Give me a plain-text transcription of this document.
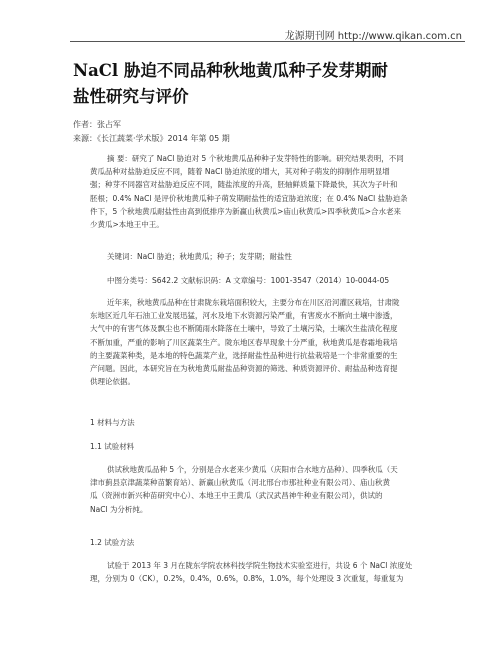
龙源期刊网 http://www.qikan.com.cn
NaCl 胁迫不同品种秋地黄瓜种子发芽期耐
盐性研究与评价
作者：张占军
来源：《长江蔬菜·学术版》2014 年第 05 期
摘 要：研究了 NaCl 胁迫对 5 个秋地黄瓜品种种子发芽特性的影响。研究结果表明，不同
黄瓜品种对盐胁迫反应不同，随着 NaCl 胁迫浓度的增大，其对种子萌发的抑制作用明显增
强；种芽不同器官对盐胁迫反应不同，随盐浓度的升高，胚轴鲜质量下降最快，其次为子叶和
胚根；0.4% NaCl 是评价秋地黄瓜种子萌发期耐盐性的适宜胁迫浓度；在 0.4% NaCl 盐胁迫条
件下，5 个秋地黄瓜耐盐性由高到低排序为新赢山秋黄瓜>庙山秋黄瓜>四季秋黄瓜>合水老来
少黄瓜>本地王中王。
关键词：NaCl 胁迫；秋地黄瓜；种子；发芽期；耐盐性
中图分类号：S642.2 文献标识码：A 文章编号：1001-3547（2014）10-0044-05
近年来，秋地黄瓜品种在甘肃陇东栽培面积较大，主要分布在川区沿河灌区栽培，甘肃陇
东地区近几年石油工业发展迅猛，河水及地下水资源污染严重，有害废水不断向土壤中渗透，
大气中的有害气体及飘尘也不断随雨水降落在土壤中，导致了土壤污染，土壤次生盐渍化程度
不断加重，严重的影响了川区蔬菜生产。陇东地区春旱现象十分严重，秋地黄瓜是春霜地栽培
的主要蔬菜种类，是本地的特色蔬菜产业，选择耐盐性品种进行抗盐栽培是一个非常重要的生
产问题。因此，本研究旨在为秋地黄瓜耐盐品种资源的筛选、种质资源评价、耐盐品种选育提
供理论依据。
1 材料与方法
1.1 试验材料
供试秋地黄瓜品种 5 个，分别是合水老来少黄瓜（庆阳市合水地方品种）、四季秋瓜（天
津市蓟县京津蔬菜种苗繁育站）、新赢山秋黄瓜（河北邢台市那社种业有限公司）、庙山秋黄
瓜（资洲市新兴种苗研究中心）、本地王中王黄瓜（武汉武昌神牛种业有限公司），供试的
NaCl 为分析纯。
1.2 试验方法
试验于 2013 年 3 月在陇东学院农林科技学院生物技术实验室进行，共设 6 个 NaCl 浓度处
理，分别为 0（CK），0.2%，0.4%，0.6%，0.8%，1.0%，每个处理设 3 次重复，每重复为
